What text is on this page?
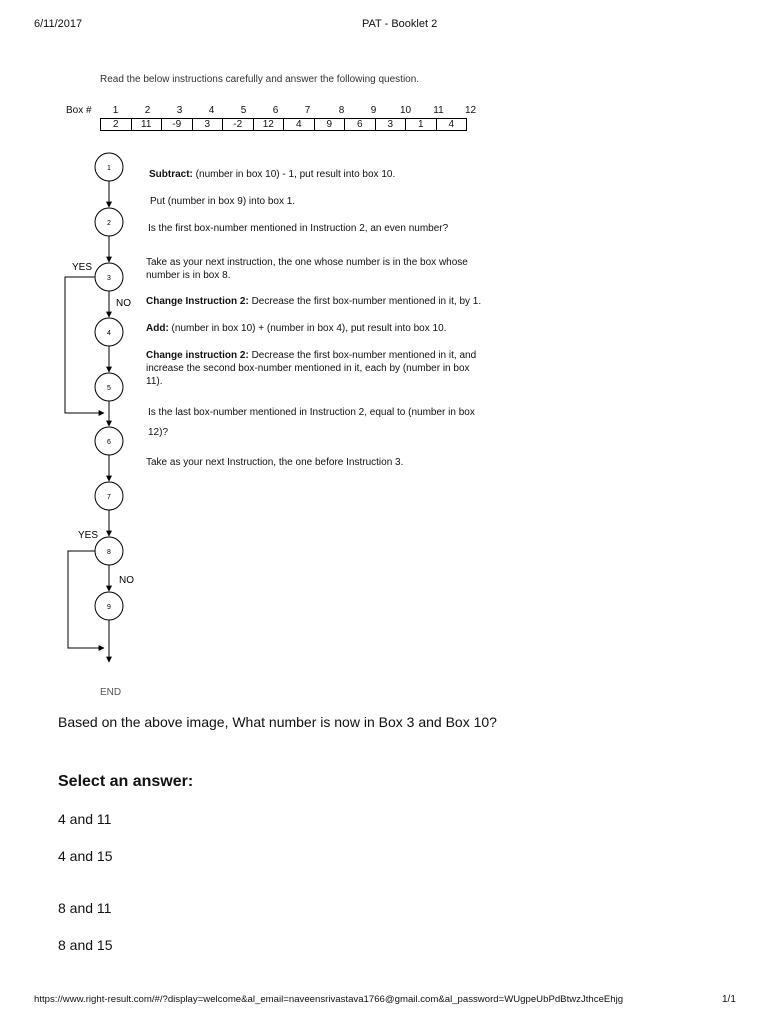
6/11/2017	PAT - Booklet 2
Read the below instructions carefully and answer the following question.
Box #	1	2	3	4	5	6	7	8	9	10	11	12
2	11	-9	3	-2	12	4	9	6	3	1	4
1
2
3
4
5
6
7
8
9
YES
NO
YES
NO
END
Subtract: (number in box 10) - 1, put result into box 10.
Put (number in box 9) into box 1.
Is the first box-number mentioned in Instruction 2, an even number?
Take as your next instruction, the one whose number is in the box whose
number is in box 8.
Change Instruction 2: Decrease the first box-number mentioned in it, by 1.
Add: (number in box 10) + (number in box 4), put result into box 10.
Change instruction 2: Decrease the first box-number mentioned in it, and
increase the second box-number mentioned in it, each by (number in box
11).
Is the last box-number mentioned in Instruction 2, equal to (number in box
12)?
Take as your next Instruction, the one before Instruction 3.
Based on the above image, What number is now in Box 3 and Box 10?
Select an answer:
4 and 11
4 and 15
8 and 11
8 and 15
https://www.right-result.com/#/?display=welcome&al_email=naveensrivastava1766@gmail.com&al_password=WUgpeUbPdBtwzJthceEhjg	1/1
